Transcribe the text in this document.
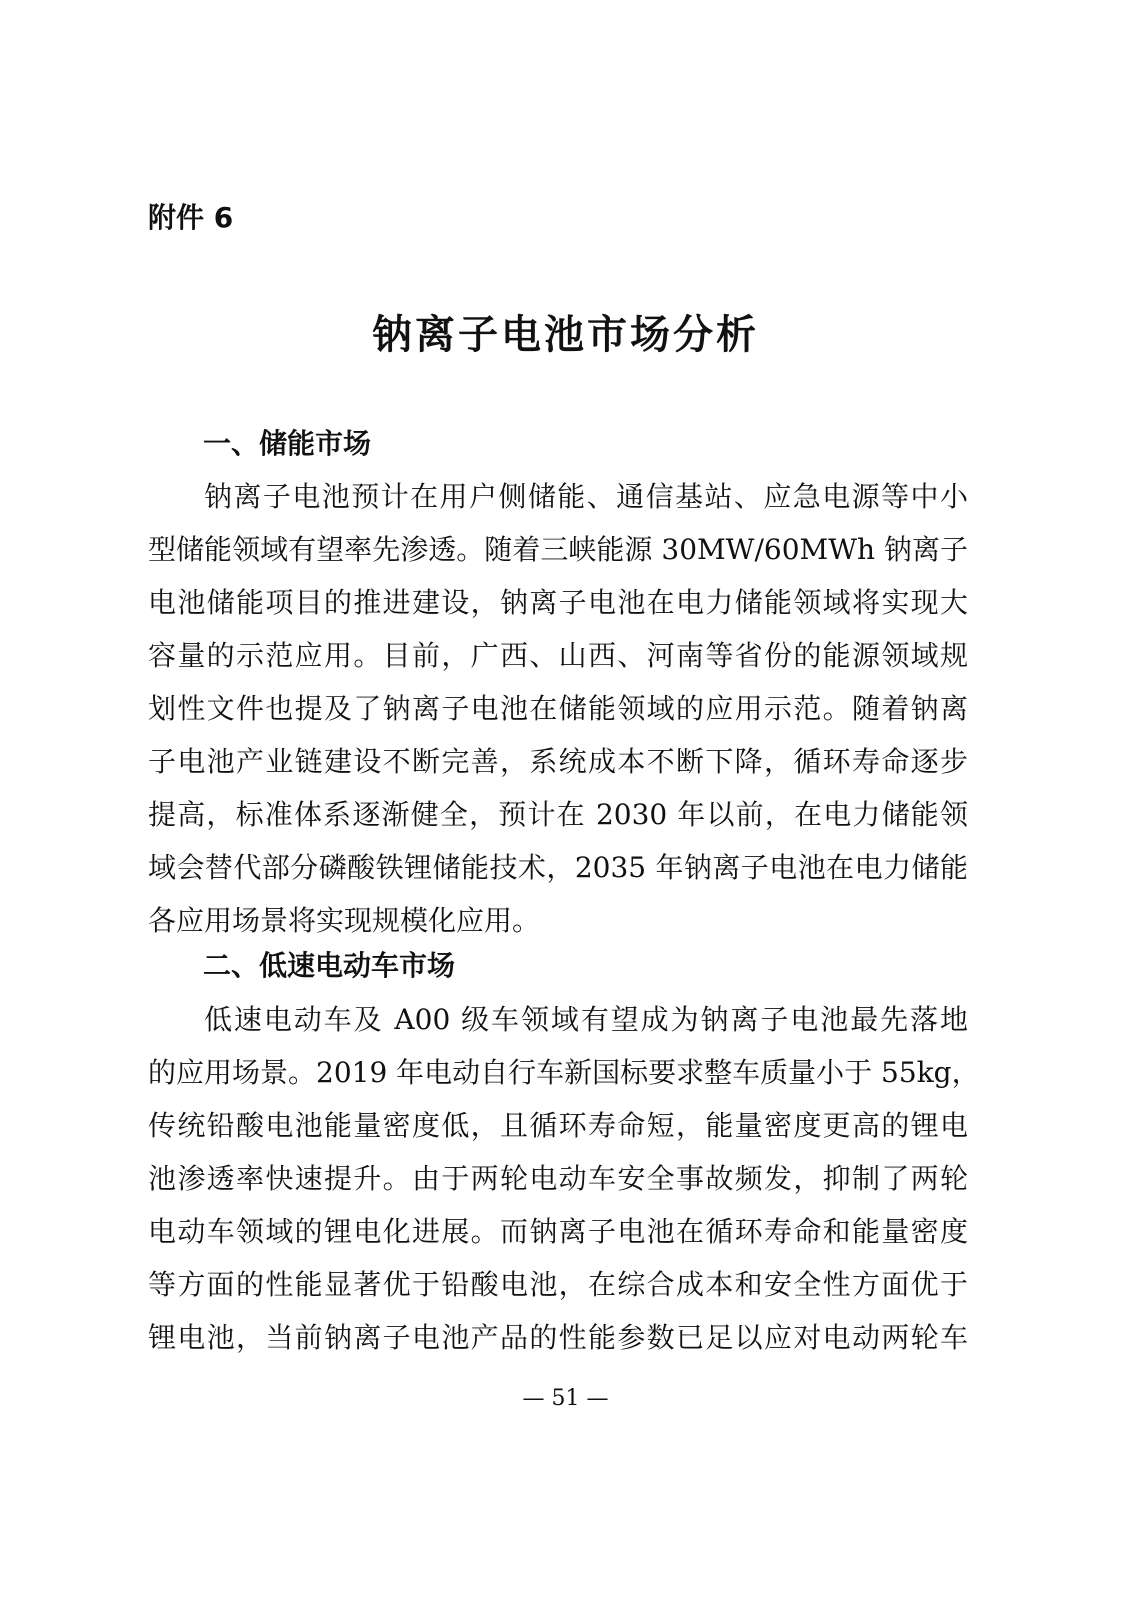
附件 6
钠离子电池市场分析
一、储能市场
钠离子电池预计在用户侧储能、通信基站、应急电源等中小
型储能领域有望率先渗透。随着三峡能源 30MW/60MWh 钠离子
电池储能项目的推进建设，钠离子电池在电力储能领域将实现大
容量的示范应用。目前，广西、山西、河南等省份的能源领域规
划性文件也提及了钠离子电池在储能领域的应用示范。随着钠离
子电池产业链建设不断完善，系统成本不断下降，循环寿命逐步
提高，标准体系逐渐健全，预计在 2030 年以前，在电力储能领
域会替代部分磷酸铁锂储能技术，2035 年钠离子电池在电力储能
各应用场景将实现规模化应用。
二、低速电动车市场
低速电动车及 A00 级车领域有望成为钠离子电池最先落地
的应用场景。2019 年电动自行车新国标要求整车质量小于 55kg，
传统铅酸电池能量密度低，且循环寿命短，能量密度更高的锂电
池渗透率快速提升。由于两轮电动车安全事故频发，抑制了两轮
电动车领域的锂电化进展。而钠离子电池在循环寿命和能量密度
等方面的性能显著优于铅酸电池，在综合成本和安全性方面优于
锂电池，当前钠离子电池产品的性能参数已足以应对电动两轮车
— 51 —
